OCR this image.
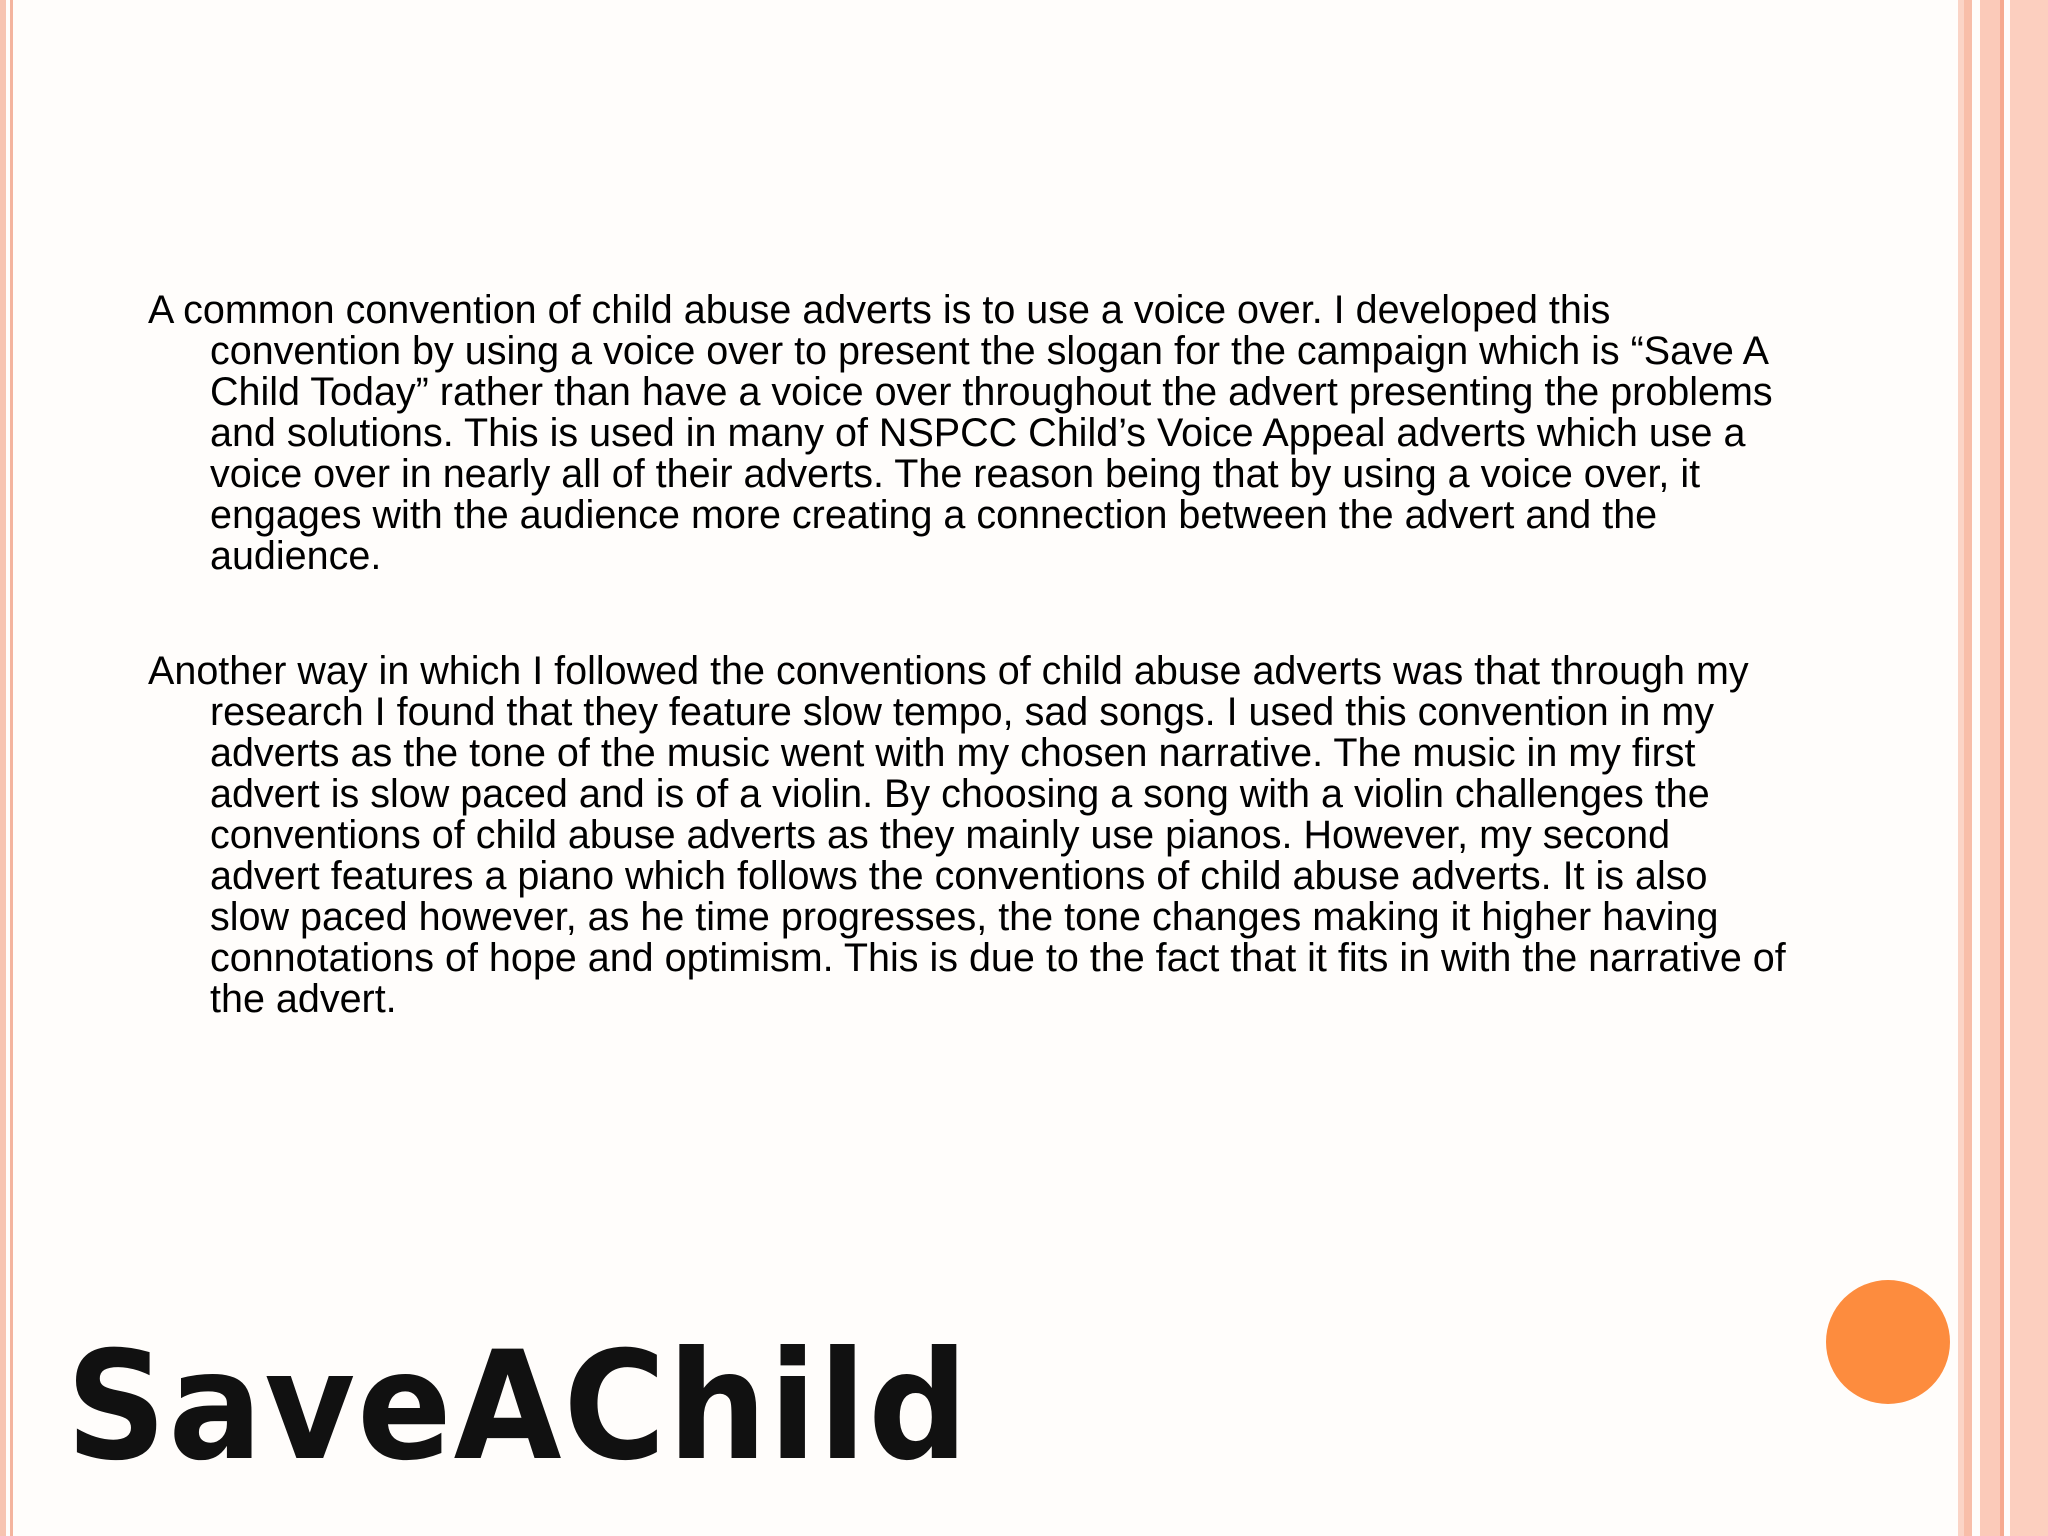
A common convention of child abuse adverts is to use a voice over. I developed this convention by using a voice over to present the slogan for the campaign which is “Save A Child Today” rather than have a voice over throughout the advert presenting the problems and solutions. This is used in many of NSPCC Child’s Voice Appeal adverts which use a voice over in nearly all of their adverts. The reason being that by using a voice over, it engages with the audience more creating a connection between the advert and the audience.

Another way in which I followed the conventions of child abuse adverts was that through my research I found that they feature slow tempo, sad songs. I used this convention in my adverts as the tone of the music went with my chosen narrative. The music in my first advert is slow paced and is of a violin. By choosing a song with a violin challenges the conventions of child abuse adverts as they mainly use pianos. However, my second advert features a piano which follows the conventions of child abuse adverts. It is also slow paced however, as he time progresses, the tone changes making it higher having connotations of hope and optimism. This is due to the fact that it fits in with the narrative of the advert.

SaveAChild
